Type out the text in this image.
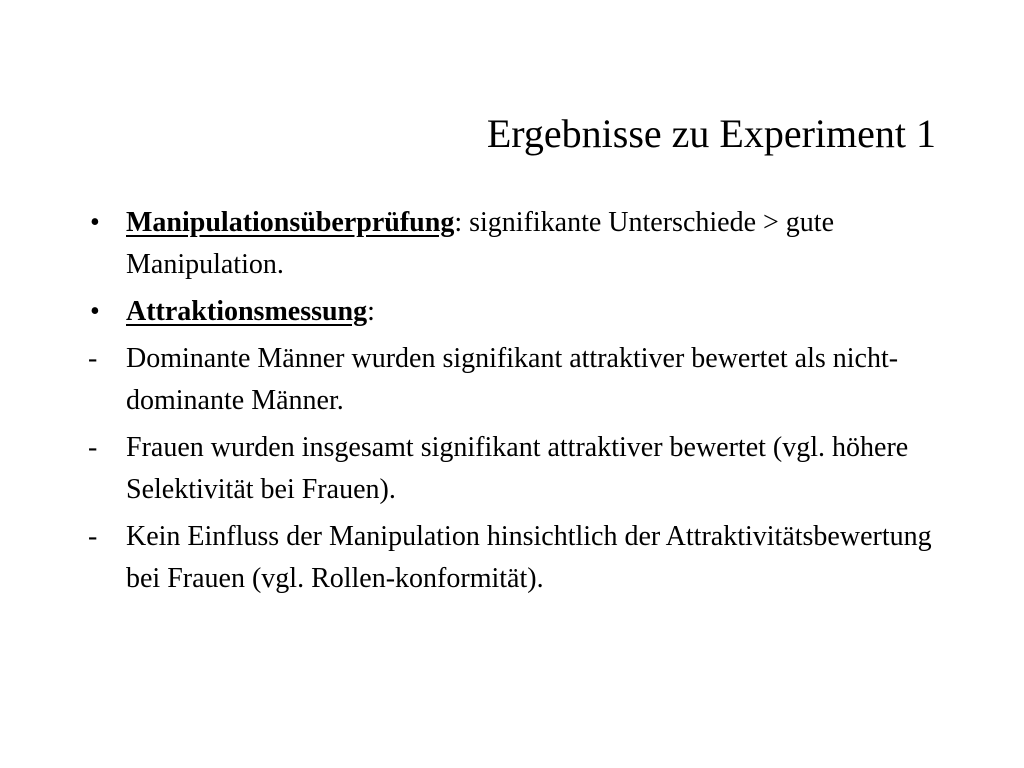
Ergebnisse zu Experiment 1
• Manipulationsüberprüfung: signifikante Unterschiede > gute Manipulation.
• Attraktionsmessung:
-	Dominante Männer wurden signifikant attraktiver bewertet als nicht-dominante Männer.
-	Frauen wurden insgesamt signifikant attraktiver bewertet (vgl. höhere Selektivität bei Frauen).
-	Kein Einfluss der Manipulation hinsichtlich der Attraktivitätsbewertung bei Frauen (vgl. Rollen-konformität).
